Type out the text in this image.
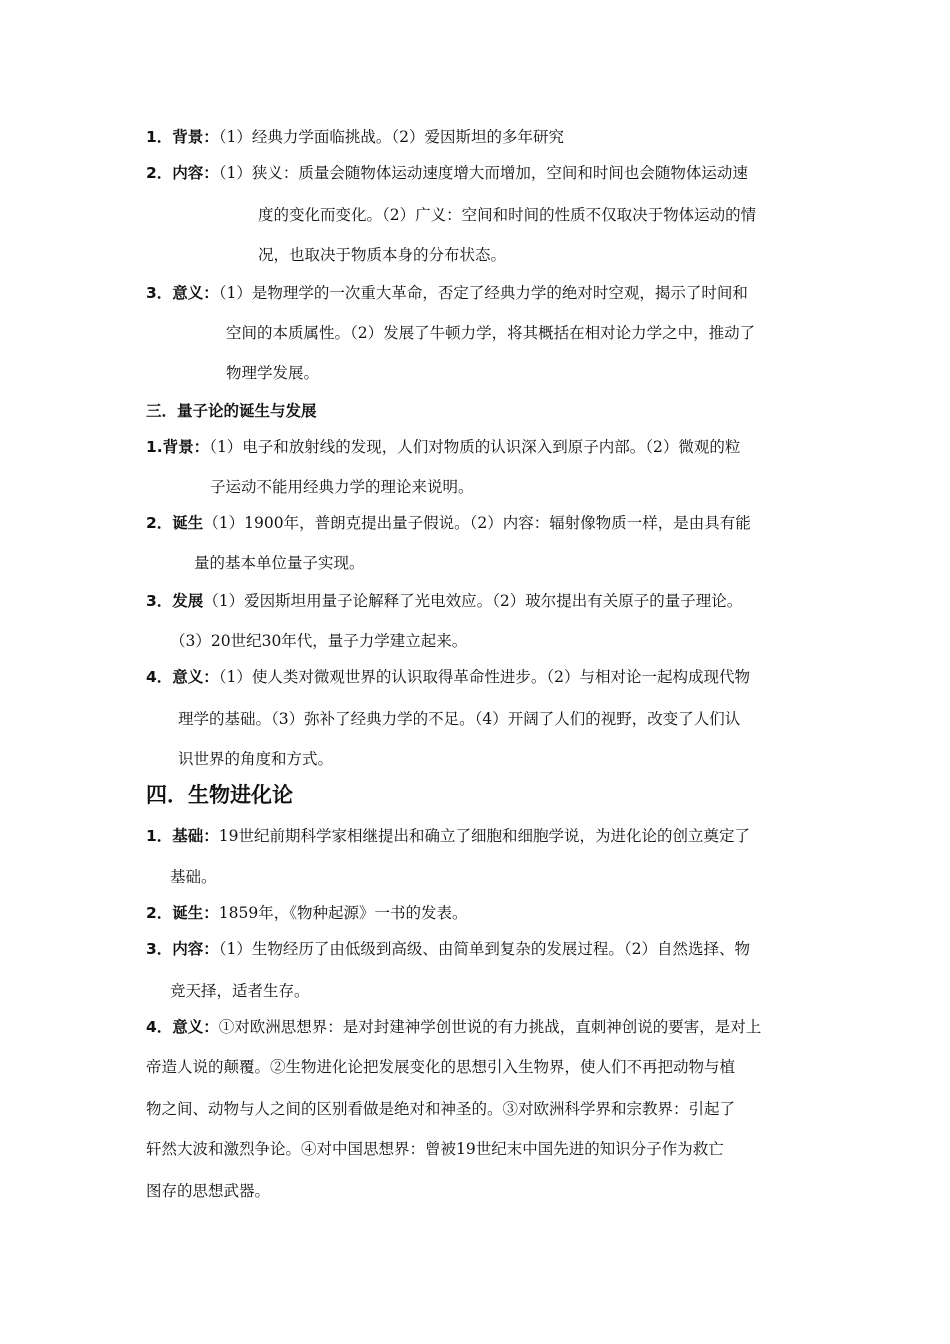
1．背景：（1）经典力学面临挑战。（2）爱因斯坦的多年研究
2．内容：（1）狭义：质量会随物体运动速度增大而增加，空间和时间也会随物体运动速
度的变化而变化。（2）广义：空间和时间的性质不仅取决于物体运动的情
况，也取决于物质本身的分布状态。
3．意义：（1）是物理学的一次重大革命，否定了经典力学的绝对时空观，揭示了时间和
空间的本质属性。（2）发展了牛顿力学，将其概括在相对论力学之中，推动了
物理学发展。
三．量子论的诞生与发展
1.背景：（1）电子和放射线的发现，人们对物质的认识深入到原子内部。（2）微观的粒
子运动不能用经典力学的理论来说明。
2．诞生（1）1900年，普朗克提出量子假说。（2）内容：辐射像物质一样，是由具有能
量的基本单位量子实现。
3．发展（1）爱因斯坦用量子论解释了光电效应。（2）玻尔提出有关原子的量子理论。
（3）20世纪30年代，量子力学建立起来。
4．意义：（1）使人类对微观世界的认识取得革命性进步。（2）与相对论一起构成现代物
理学的基础。（3）弥补了经典力学的不足。（4）开阔了人们的视野，改变了人们认
识世界的角度和方式。
四．生物进化论
1．基础：19世纪前期科学家相继提出和确立了细胞和细胞学说，为进化论的创立奠定了
基础。
2．诞生：1859年，《物种起源》一书的发表。
3．内容：（1）生物经历了由低级到高级、由简单到复杂的发展过程。（2）自然选择、物
竞天择，适者生存。
4．意义：①对欧洲思想界：是对封建神学创世说的有力挑战，直刺神创说的要害，是对上
帝造人说的颠覆。②生物进化论把发展变化的思想引入生物界，使人们不再把动物与植
物之间、动物与人之间的区别看做是绝对和神圣的。③对欧洲科学界和宗教界：引起了
轩然大波和激烈争论。④对中国思想界：曾被19世纪末中国先进的知识分子作为救亡
图存的思想武器。
